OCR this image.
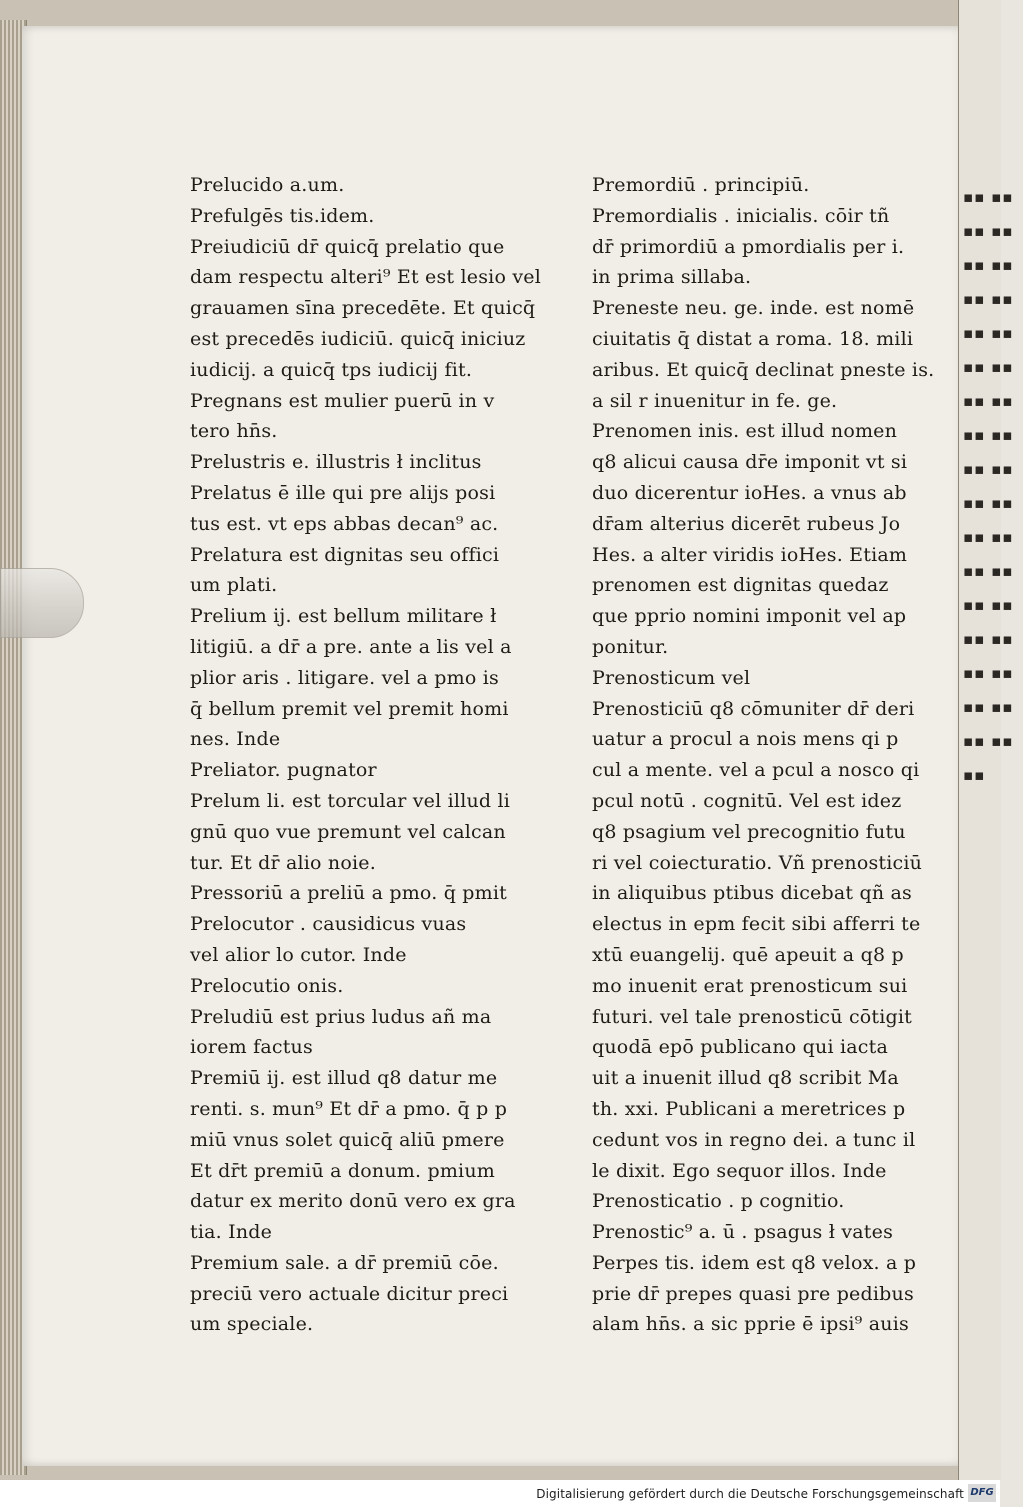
▪▪ ▪▪ ▪▪ ▪▪ ▪▪ ▪▪ ▪▪ ▪▪ ▪▪ ▪▪ ▪▪ ▪▪ ▪▪ ▪▪ ▪▪ ▪▪ ▪▪ ▪▪ ▪▪ ▪▪ ▪▪ ▪▪ ▪▪ ▪▪ ▪▪ ▪▪ ▪▪ ▪▪ ▪▪ ▪▪ ▪▪ ▪▪ ▪▪ ▪▪ ▪▪
Prelucido a.um.
Prefulgēs tis.idem.
Preiudiciū dr̄ quicq̄ prelatio que
dam respectu alteri⁹ Et est lesio vel
grauamen sīna precedēte. Et quicq̄
est precedēs iudiciū. quicq̄ iniciuz
iudicij. a quicq̄ tps iudicij fit.
Pregnans est mulier puerū in v
tero hn̄s.
Prelustris e. illustris ł inclitus
Prelatus ē ille qui pre alijs posi
tus est. vt eps abbas decan⁹ ac.
Prelatura est dignitas seu offici
um plati.
Prelium ij. est bellum militare ł
litigiū. a dr̄ a pre. ante a lis vel a
plior aris . litigare. vel a pmo is
q̄ bellum premit vel premit homi
nes. Inde
Preliator. pugnator
Prelum li. est torcular vel illud li
gnū quo vue premunt vel calcan
tur. Et dr̄ alio noie.
Pressoriū a preliū a pmo. q̄ pmit
Prelocutor . causidicus vuas
vel alior lo cutor. Inde
Prelocutio onis.
Preludiū est prius ludus añ ma
iorem factus
Premiū ij. est illud q8 datur me
renti. s. mun⁹ Et dr̄ a pmo. q̄ p p
miū vnus solet quicq̄ aliū pmere
Et dr̄t premiū a donum. pmium
datur ex merito donū vero ex gra
tia. Inde
Premium sale. a dr̄ premiū cōe.
preciū vero actuale dicitur preci
um speciale.
Premordiū . principiū.
Premordialis . inicialis. cōir tñ
dr̄ primordiū a pmordialis per i.
in prima sillaba.
Preneste neu. ge. inde. est nomē
ciuitatis q̄ distat a roma. 18. mili
aribus. Et quicq̄ declinat pneste is.
a sil r inuenitur in fe. ge.
Prenomen inis. est illud nomen
q8 alicui causa dr̄e imponit vt si
duo dicerentur ioHes. a vnus ab
dr̄am alterius dicerēt rubeus Jo
Hes. a alter viridis ioHes. Etiam
prenomen est dignitas quedaz
que pprio nomini imponit vel ap
ponitur.
Prenosticum vel
Prenosticiū q8 cōmuniter dr̄ deri
uatur a procul a nois mens qi p
cul a mente. vel a pcul a nosco qi
pcul notū . cognitū. Vel est idez
q8 psagium vel precognitio futu
ri vel coiecturatio. Vñ prenosticiū
in aliquibus ptibus dicebat qñ as
electus in epm fecit sibi afferri te
xtū euangelij. quē apeuit a q8 p
mo inuenit erat prenosticum sui
futuri. vel tale prenosticū cōtigit
quodā epō publicano qui iacta
uit a inuenit illud q8 scribit Ma
th. xxi. Publicani a meretrices p
cedunt vos in regno dei. a tunc il
le dixit. Ego sequor illos. Inde
Prenosticatio . p cognitio.
Prenostic⁹ a. ū . psagus ł vates
Perpes tis. idem est q8 velox. a p
prie dr̄ prepes quasi pre pedibus
alam hn̄s. a sic pprie ē ipsi⁹ auis
Digitalisierung gefördert durch die Deutsche Forschungsgemeinschaft DFG
